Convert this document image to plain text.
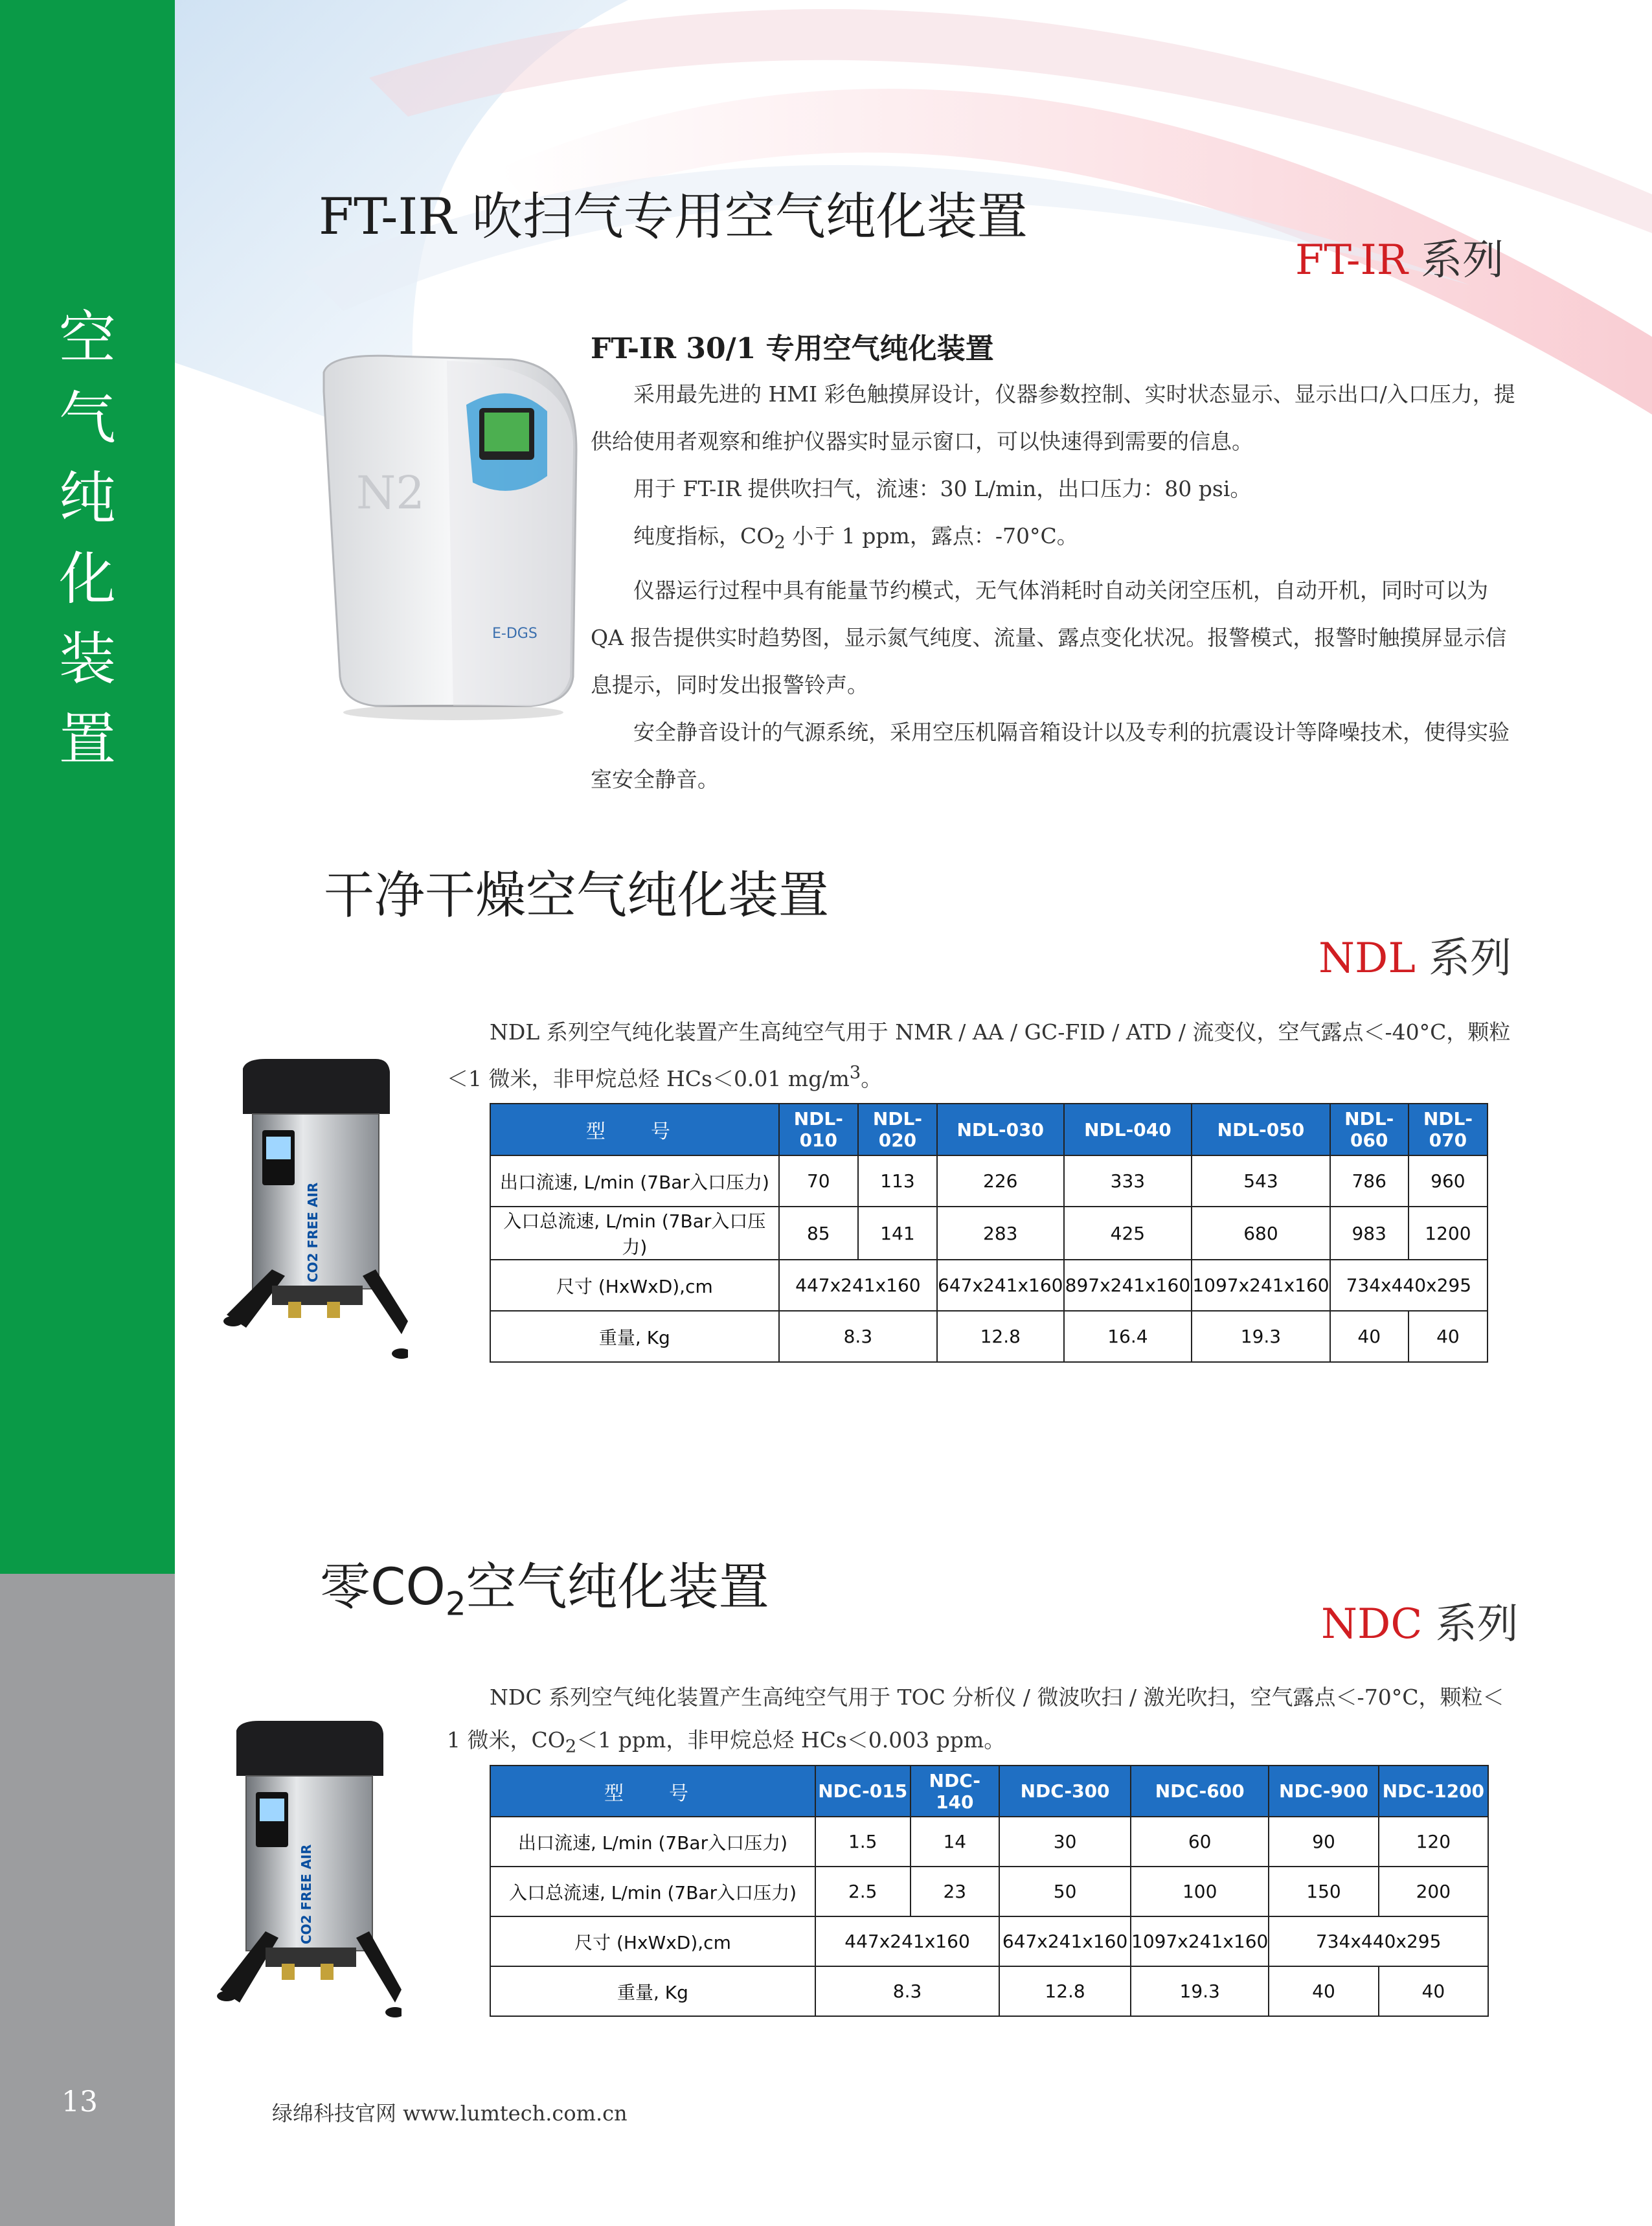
空
气
纯
化
装
置
13
FT-IR 吹扫气专用空气纯化装置
FT-IR 系列
N2
E-DGS
FT-IR 30/1 专用空气纯化装置

采用最先进的 HMI 彩色触摸屏设计，仪器参数控制、实时状态显示、显示出口/入口压力，提供给使用者观察和维护仪器实时显示窗口，可以快速得到需要的信息。

用于 FT-IR 提供吹扫气，流速：30 L/min，出口压力：80 psi。

纯度指标，$CO_2$ 小于 1 ppm，露点：-70°C。

仪器运行过程中具有能量节约模式，无气体消耗时自动关闭空压机，自动开机，同时可以为 QA 报告提供实时趋势图，显示氮气纯度、流量、露点变化状况。报警模式，报警时触摸屏显示信息提示，同时发出报警铃声。

安全静音设计的气源系统，采用空压机隔音箱设计以及专利的抗震设计等降噪技术，使得实验室安全静音。

干净干燥空气纯化装置
NDL 系列

NDL 系列空气纯化装置产生高纯空气用于 NMR / AA / GC-FID / ATD / 流变仪，空气露点＜-40°C，颗粒＜1 微米，非甲烷总烃 HCs＜0.01 $mg/m^3$。

CO2 FREE AIR
型　号	NDL-010	NDL-020	NDL-030	NDL-040	NDL-050	NDL-060	NDL-070
出口流速, L/min (7Bar入口压力)	70	113	226	333	543	786	960
入口总流速, L/min (7Bar入口压力)	85	141	283	425	680	983	1200
尺寸 (HxWxD),cm	447x241x160		647x241x160	897x241x160	1097x241x160	734x440x295	
重量, Kg	8.3		12.8	16.4	19.3	40	40
零$CO_2$空气纯化装置
NDC 系列

NDC 系列空气纯化装置产生高纯空气用于 TOC 分析仪 / 微波吹扫 / 激光吹扫，空气露点＜-70°C，颗粒＜1 微米，$CO_2<1$ ppm，非甲烷总烃 HCs＜0.003 ppm。

CO2 FREE AIR
型　号	NDC-015	NDC-140	NDC-300	NDC-600	NDC-900	NDC-1200
出口流速, L/min (7Bar入口压力)	1.5	14	30	60	90	120
入口总流速, L/min (7Bar入口压力)	2.5	23	50	100	150	200
尺寸 (HxWxD),cm	447x241x160		647x241x160	1097x241x160	734x440x295	
重量, Kg	8.3		12.8	19.3	40	40
绿绵科技官网 www.lumtech.com.cn
